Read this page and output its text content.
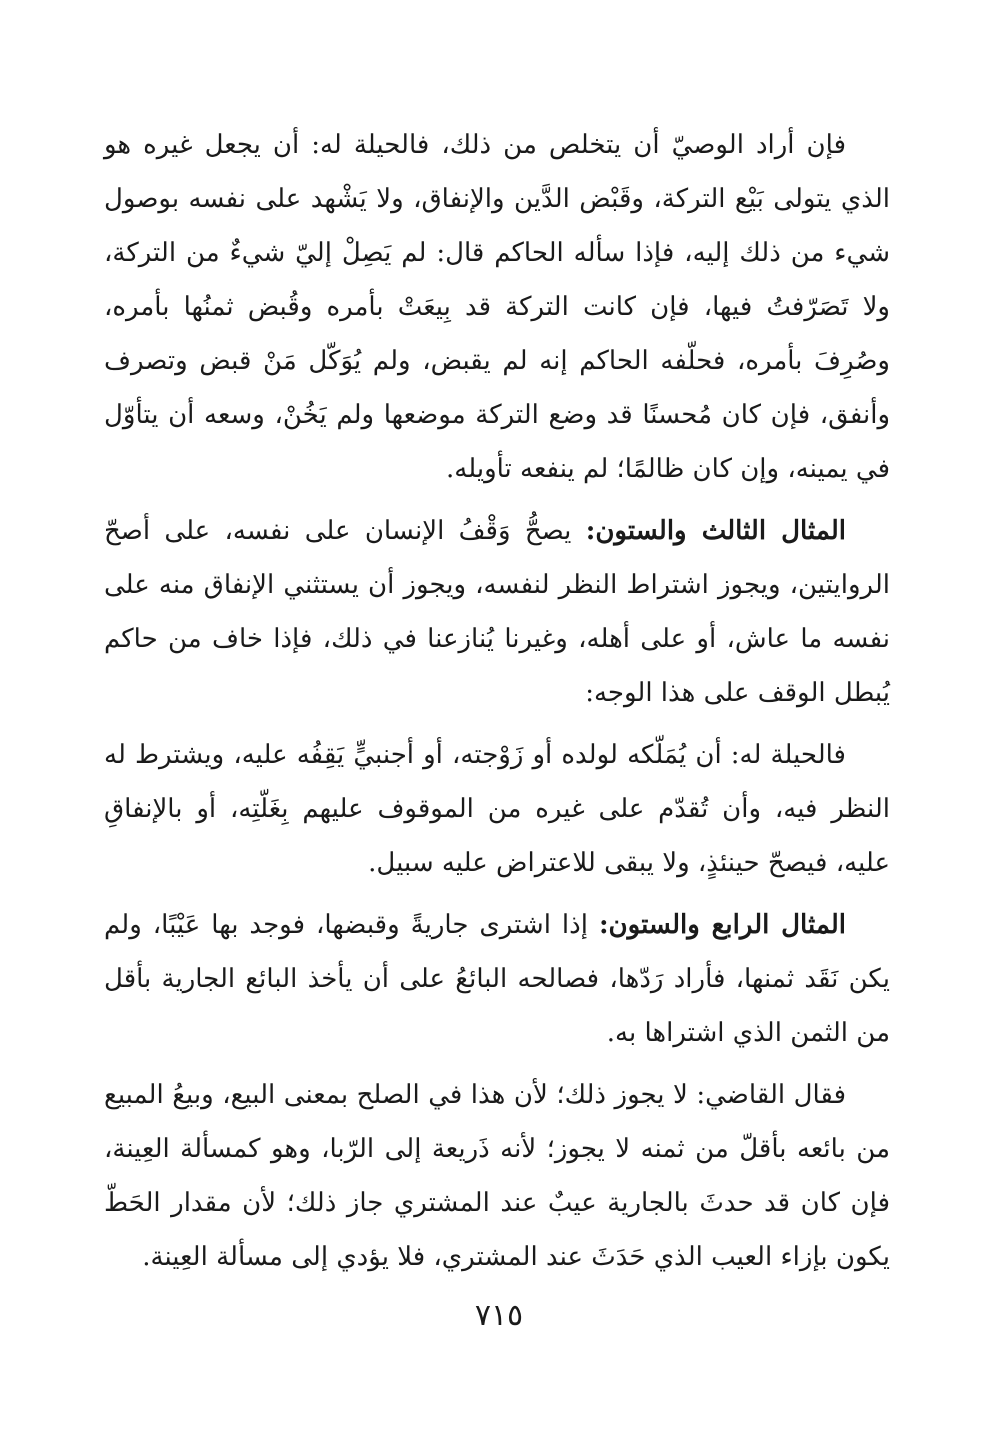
فإن أراد الوصيّ أن يتخلص من ذلك، فالحيلة له: أن يجعل غيره هو الذي يتولى بَيْع التركة، وقَبْض الدَّين والإنفاق، ولا يَشْهد على نفسه بوصول شيء من ذلك إليه، فإذا سأله الحاكم قال: لم يَصِلْ إليّ شيءٌ من التركة، ولا تَصَرّفتُ فيها، فإن كانت التركة قد بِيعَتْ بأمره وقُبض ثمنُها بأمره، وصُرِفَ بأمره، فحلّفه الحاكم إنه لم يقبض، ولم يُوَكّل مَنْ قبض وتصرف وأنفق، فإن كان مُحسنًا قد وضع التركة موضعها ولم يَخُنْ، وسعه أن يتأوّل في يمينه، وإن كان ظالمًا؛ لم ينفعه تأويله.

المثال الثالث والستون: يصحُّ وَقْفُ الإنسان على نفسه، على أصحّ الروايتين، ويجوز اشتراط النظر لنفسه، ويجوز أن يستثني الإنفاق منه على نفسه ما عاش، أو على أهله، وغيرنا يُنازعنا في ذلك، فإذا خاف من حاكم يُبطل الوقف على هذا الوجه:

فالحيلة له: أن يُمَلّكه لولده أو زَوْجته، أو أجنبيٍّ يَقِفُه عليه، ويشترط له النظر فيه، وأن تُقدّم على غيره من الموقوف عليهم بِغَلّتِه، أو بالإنفاقِ عليه، فيصحّ حينئذٍ، ولا يبقى للاعتراض عليه سبيل.

المثال الرابع والستون: إذا اشترى جاريةً وقبضها، فوجد بها عَيْبًا، ولم يكن نَقَد ثمنها، فأراد رَدّها، فصالحه البائعُ على أن يأخذ البائع الجارية بأقل من الثمن الذي اشتراها به.

فقال القاضي: لا يجوز ذلك؛ لأن هذا في الصلح بمعنى البيع، وبيعُ المبيع من بائعه بأقلّ من ثمنه لا يجوز؛ لأنه ذَريعة إلى الرّبا، وهو كمسألة العِينة، فإن كان قد حدثَ بالجارية عيبٌ عند المشتري جاز ذلك؛ لأن مقدار الحَطّ يكون بإزاء العيب الذي حَدَثَ عند المشتري، فلا يؤدي إلى مسألة العِينة.

٧١٥
